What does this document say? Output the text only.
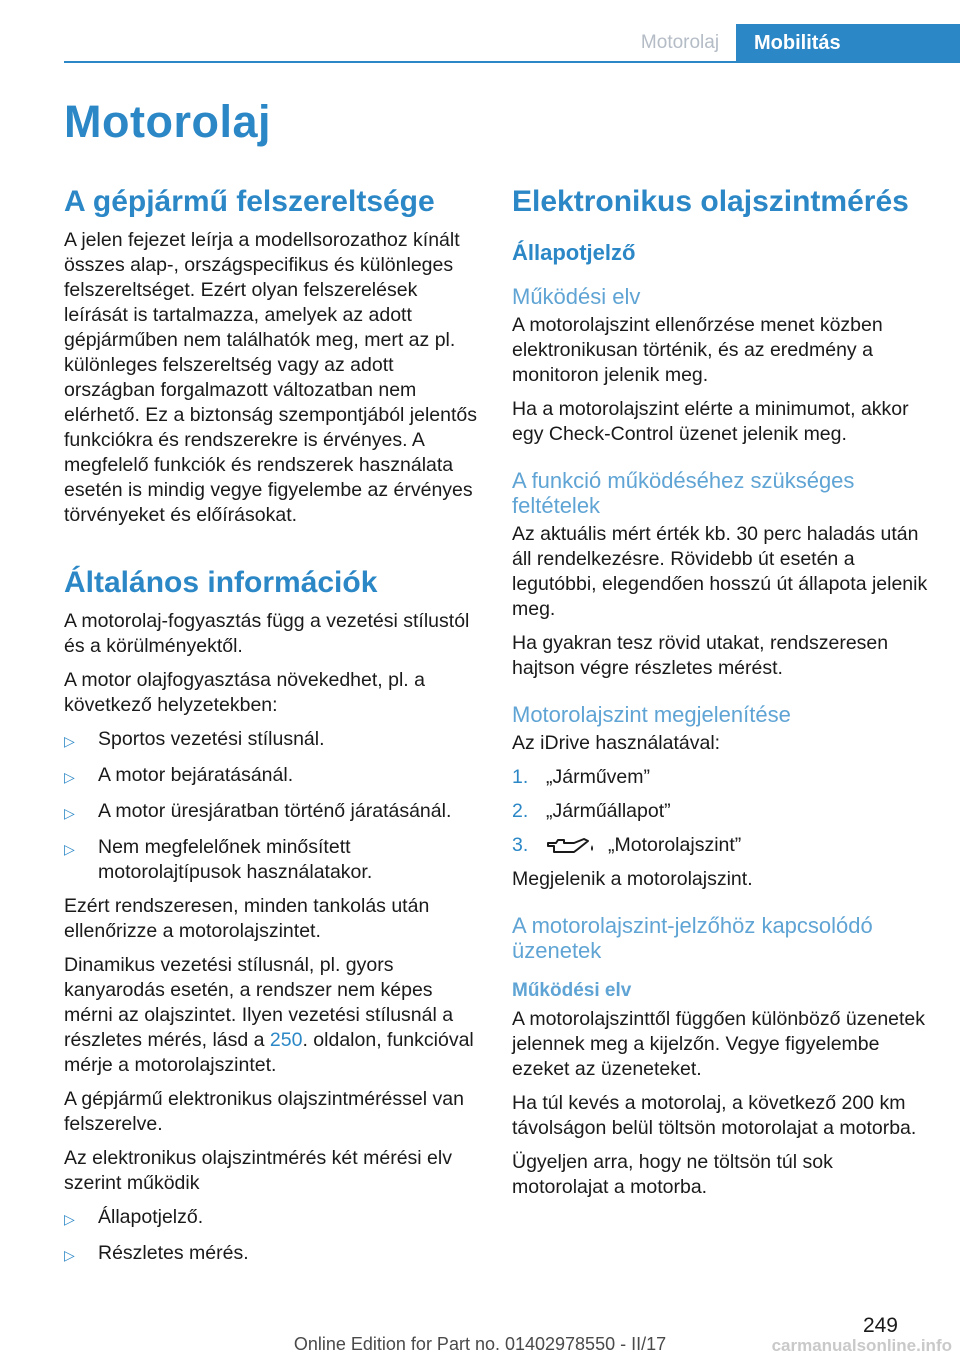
Motorolaj	Mobilitás
Motorolaj
A gépjármű felszereltsége

A jelen fejezet leírja a modellsorozathoz kínált összes alap-, országspecifikus és különleges felszereltséget. Ezért olyan felszerelések leírását is tartalmazza, amelyek az adott gépjárműben nem találhatók meg, mert az pl. különleges felszereltség vagy az adott országban forgalmazott változatban nem elérhető. Ez a biztonság szempontjából jelentős funkciókra és rendszerekre is érvényes. A megfelelő funkciók és rendszerek használata esetén is mindig vegye figyelembe az érvényes törvényeket és előírásokat.

Általános információk

A motorolaj-fogyasztás függ a vezetési stílustól és a körülményektől.

A motor olajfogyasztása növekedhet, pl. a következő helyzetekben:

▷	Sportos vezetési stílusnál.
▷	A motor bejáratásánál.
▷	A motor üresjáratban történő járatásánál.
▷	Nem megfelelőnek minősített motorolajtípusok használatakor.

Ezért rendszeresen, minden tankolás után ellenőrizze a motorolajszintet.

Dinamikus vezetési stílusnál, pl. gyors kanyarodás esetén, a rendszer nem képes mérni az olajszintet. Ilyen vezetési stílusnál a részletes mérés, lásd a 250. oldalon, funkcióval mérje a motorolajszintet.

A gépjármű elektronikus olajszintméréssel van felszerelve.

Az elektronikus olajszintmérés két mérési elv szerint működik

▷	Állapotjelző.
▷	Részletes mérés.
Elektronikus olajszintmérés
Állapotjelző
Működési elv

A motorolajszint ellenőrzése menet közben elektronikusan történik, és az eredmény a monitoron jelenik meg.

Ha a motorolajszint elérte a minimumot, akkor egy Check-Control üzenet jelenik meg.

A funkció működéséhez szükséges feltételek

Az aktuális mért érték kb. 30 perc haladás után áll rendelkezésre. Rövidebb út esetén a legutóbbi, elegendően hosszú út állapota jelenik meg.

Ha gyakran tesz rövid utakat, rendszeresen hajtson végre részletes mérést.

Motorolajszint megjelenítése

Az iDrive használatával:

1. „Járművem”
2. „Járműállapot”
3.	„Motorolajszint”

Megjelenik a motorolajszint.

A motorolajszint-jelzőhöz kapcsolódó üzenetek
Működési elv

A motorolajszinttől függően különböző üzenetek jelennek meg a kijelzőn. Vegye figyelembe ezeket az üzeneteket.

Ha túl kevés a motorolaj, a következő 200 km távolságon belül töltsön motorolajat a motorba.

Ügyeljen arra, hogy ne töltsön túl sok motorolajat a motorba.

249
Online Edition for Part no. 01402978550 - II/17	carmanualsonline.info
